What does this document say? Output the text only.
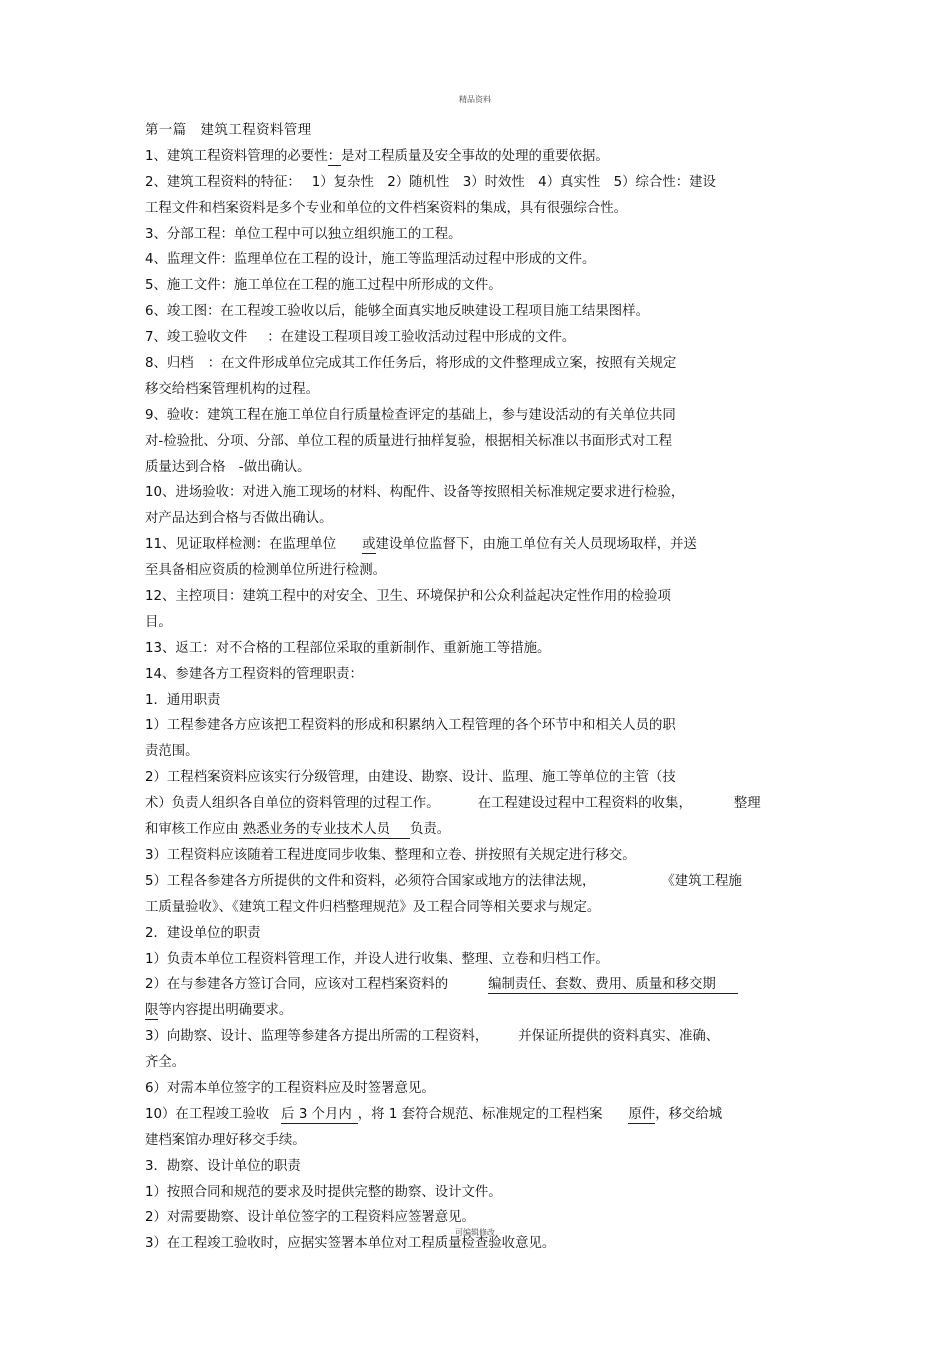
精品资料
第一篇　建筑工程资料管理
1、建筑工程资料管理的必要性：是对工程质量及安全事故的处理的重要依据。
2、建筑工程资料的特征：　 1）复杂性　2）随机性　3）时效性　4）真实性　5）综合性：建设
工程文件和档案资料是多个专业和单位的文件档案资料的集成，具有很强综合性。
3、分部工程：单位工程中可以独立组织施工的工程。
4、监理文件：监理单位在工程的设计，施工等监理活动过程中形成的文件。
5、施工文件：施工单位在工程的施工过程中所形成的文件。
6、竣工图：在工程竣工验收以后，能够全面真实地反映建设工程项目施工结果图样。
7、竣工验收文件 ：在建设工程项目竣工验收活动过程中形成的文件。
8、归档 ：在文件形成单位完成其工作任务后，将形成的文件整理成立案，按照有关规定
移交给档案管理机构的过程。
9、验收：建筑工程在施工单位自行质量检查评定的基础上，参与建设活动的有关单位共同
对-检验批、分项、分部、单位工程的质量进行抽样复验，根据相关标准以书面形式对工程
质量达到合格　-做出确认。
10、进场验收：对进入施工现场的材料、构配件、设备等按照相关标准规定要求进行检验，
对产品达到合格与否做出确认。
11、见证取样检测：在监理单位 或建设单位监督下，由施工单位有关人员现场取样，并送
至具备相应资质的检测单位所进行检测。
12、主控项目：建筑工程中的对安全、卫生、环境保护和公众利益起决定性作用的检验项
目。
13、返工：对不合格的工程部位采取的重新制作、重新施工等措施。
14、参建各方工程资料的管理职责：
1．通用职责
1）工程参建各方应该把工程资料的形成和积累纳入工程管理的各个环节中和相关人员的职
责范围。
2）工程档案资料应该实行分级管理，由建设、勘察、设计、监理、施工等单位的主管（技
术）负责人组织各自单位的资料管理的过程工作。	在工程建设过程中工程资料的收集，	整理
和审核工作应由 熟悉业务的专业技术人员 负责。
3）工程资料应该随着工程进度同步收集、整理和立卷、拼按照有关规定进行移交。
5）工程各参建各方所提供的文件和资料，必须符合国家或地方的法律法规，	《建筑工程施
工质量验收》、《建筑工程文件归档整理规范》及工程合同等相关要求与规定。
2．建设单位的职责
1）负责本单位工程资料管理工作，并设人进行收集、整理、立卷和归档工作。
2）在与参建各方签订合同，应该对工程档案资料的	编制责任、套数、费用、质量和移交期
限等内容提出明确要求。
3）向勘察、设计、监理等参建各方提出所需的工程资料， 并保证所提供的资料真实、准确、
齐全。
6）对需本单位签字的工程资料应及时签署意见。
10）在工程竣工验收 后 3 个月内 ，将 1 套符合规范、标准规定的工程档案 原件，移交给城
建档案馆办理好移交手续。
3．勘察、设计单位的职责
1）按照合同和规范的要求及时提供完整的勘察、设计文件。
2）对需要勘察、设计单位签字的工程资料应签署意见。
3）在工程竣工验收时，应据实签署本单位对工程质量检查验收意见。
可编辑修改
